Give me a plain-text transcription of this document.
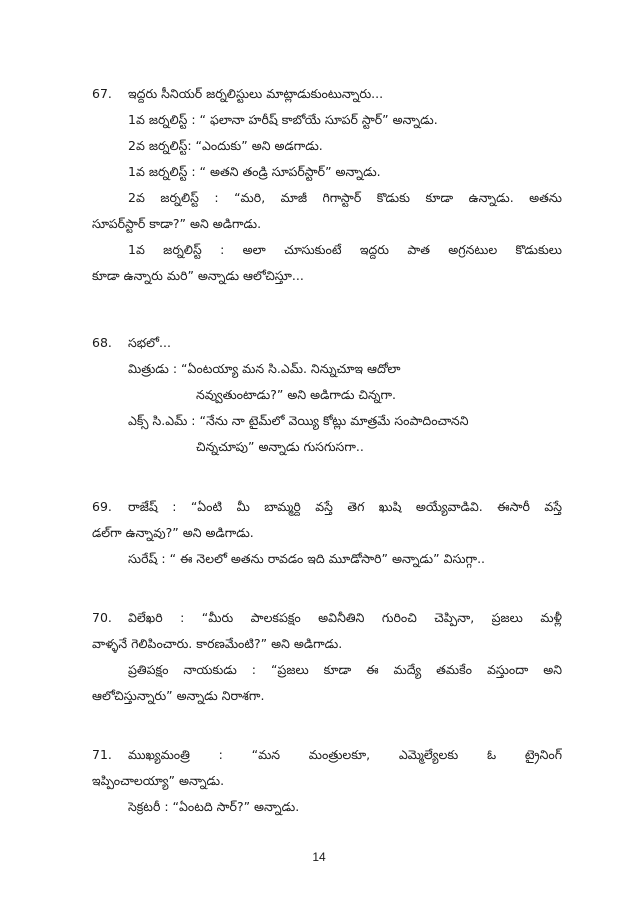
67.	ఇద్దరు సీనియర్ జర్నలిస్టులు మాట్లాడుకుంటున్నారు...
1వ జర్నలిస్ట్ : “ ఫలానా హరీష్ కాబోయే సూపర్ స్టార్” అన్నాడు.
2వ జర్నలిస్ట్: “ఎందుకు” అని అడగాడు.
1వ జర్నలిస్ట్ : “ అతని తండ్రి సూపర్‌స్టార్” అన్నాడు.
2వ జర్నలిస్ట్ : “మరి, మాజీ గిగాస్టార్ కొడుకు కూడా ఉన్నాడు. అతను
సూపర్‌స్టార్ కాడా?” అని అడిగాడు.
1వ జర్నలిస్ట్ : అలా చూసుకుంటే ఇద్దరు పాత అగ్రనటుల కొడుకులు
కూడా ఉన్నారు మరి” అన్నాడు ఆలోచిస్తూ...
68.	సభలో...
మిత్రుడు : “ఏంటయ్యా మన సి.ఎమ్. నిన్నుచూఇ ఆదోలా
నవ్వుతుంటాడు?” అని అడిగాడు చిన్నగా.
ఎక్స్ సి.ఎమ్ : “నేను నా టైమ్‌లో వెయ్యి కోట్లు మాత్రమే సంపాదించానని
చిన్నచూపు” అన్నాడు గుసగుసగా..
69.	రాజేష్ : “ఏంటి మీ బామ్మర్ది వస్తే తెగ ఖుషి అయ్యేవాడివి. ఈసారీ వస్తే
డల్‌గా ఉన్నావు?” అని అడిగాడు.
సురేష్ : “ ఈ నెలలో అతను రావడం ఇది మూడోసారి” అన్నాడు” విసుగ్గా..
70.	విలేఖరి : “మీరు పాలకపక్షం అవినీతిని గురించి చెప్పినా, ప్రజలు మళ్లీ
వాళ్ళనే గెలిపించారు. కారణమేంటి?” అని అడిగాడు.
ప్రతిపక్షం నాయకుడు : “ప్రజలు కూడా ఈ మద్యే తమకేం వస్తుందా అని
ఆలోచిస్తున్నారు” అన్నాడు నిరాశగా.
71.	ముఖ్యమంత్రి : “మన మంత్రులకూ, ఎమ్మెల్యేలకు ఓ ట్రైనింగ్
ఇప్పించాలయ్యా” అన్నాడు.
సెక్రటరీ : “ఏంటది సార్?” అన్నాడు.
14
